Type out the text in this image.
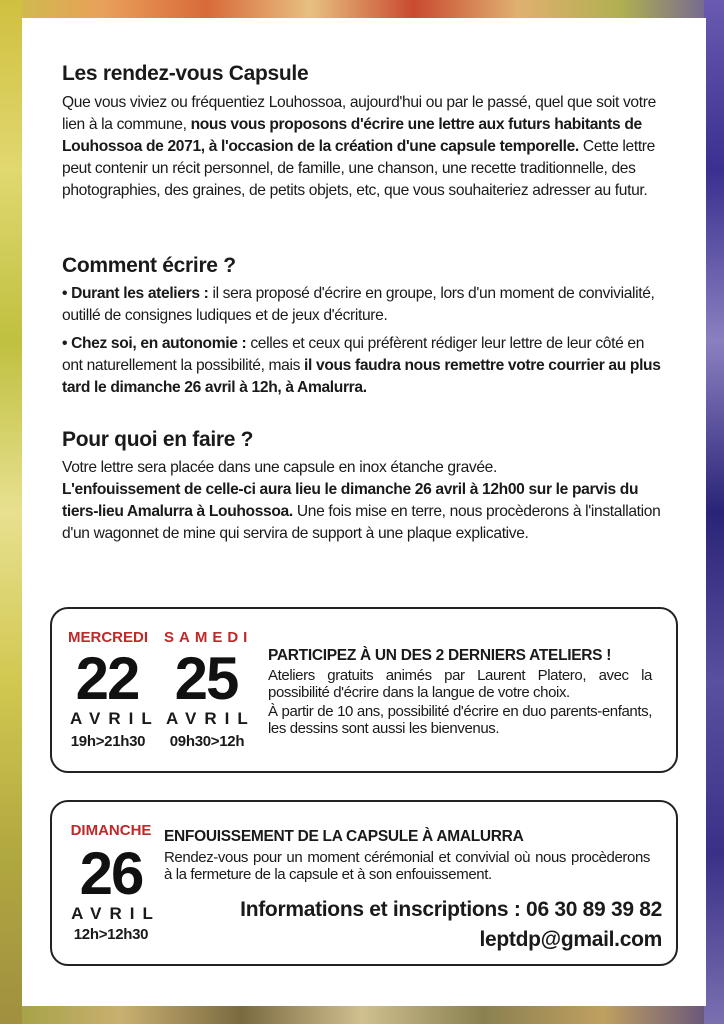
Les rendez-vous Capsule

Que vous viviez ou fréquentiez Louhossoa, aujourd'hui ou par le passé, quel que soit votre lien à la commune, nous vous proposons d'écrire une lettre aux futurs habitants de Louhossoa de 2071, à l'occasion de la création d'une capsule temporelle. Cette lettre peut contenir un récit personnel, de famille, une chanson, une recette traditionnelle, des photographies, des graines, de petits objets, etc, que vous souhaiteriez adresser au futur.

Comment écrire ?
• Durant les ateliers : il sera proposé d'écrire en groupe, lors d'un moment de convivialité, outillé de consignes ludiques et de jeux d'écriture.
• Chez soi, en autonomie : celles et ceux qui préfèrent rédiger leur lettre de leur côté en ont naturellement la possibilité, mais il vous faudra nous remettre votre courrier au plus tard le dimanche 26 avril à 12h, à Amalurra.
Pour quoi en faire ?
Votre lettre sera placée dans une capsule en inox étanche gravée.
L'enfouissement de celle-ci aura lieu le dimanche 26 avril à 12h00 sur le parvis du tiers-lieu Amalurra à Louhossoa. Une fois mise en terre, nous procèderons à l'installation d'un wagonnet de mine qui servira de support à une plaque explicative.
MERCREDI
22
AVRIL
19h>21h30
SAMEDI
25
AVRIL
09h30>12h
PARTICIPEZ À UN DES 2 DERNIERS ATELIERS !
Ateliers gratuits animés par Laurent Platero, avec la possibilité d'écrire dans la langue de votre choix.
À partir de 10 ans, possibilité d'écrire en duo parents-enfants, les dessins sont aussi les bienvenus.
DIMANCHE
26
AVRIL
12h>12h30
ENFOUISSEMENT DE LA CAPSULE À AMALURRA
Rendez-vous pour un moment cérémonial et convivial où nous procèderons à la fermeture de la capsule et à son enfouissement.
Informations et inscriptions : 06 30 89 39 82
leptdp@gmail.com
